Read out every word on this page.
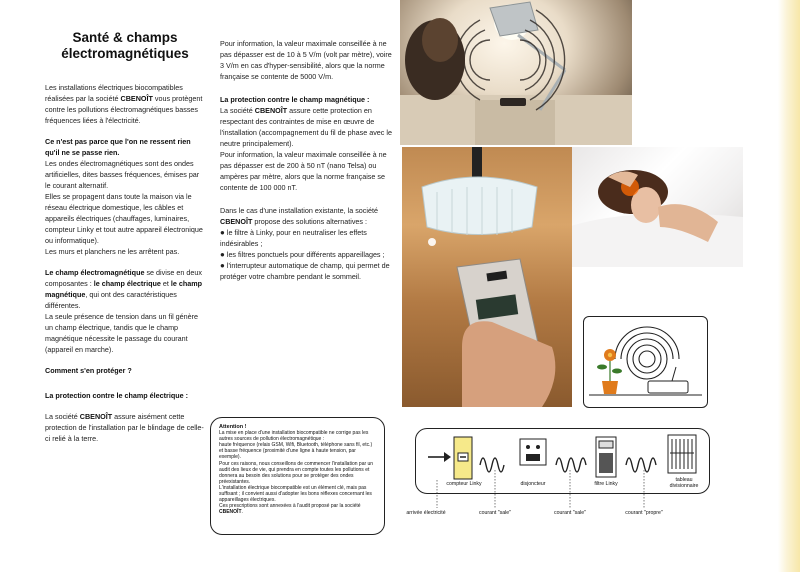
Santé & champs électromagnétiques

Les installations électriques biocompatibles réalisées par la société CBENOÎT vous protègent contre les pollutions électromagnétiques basses fréquences liées à l'électricité.

Ce n'est pas parce que l'on ne ressent rien qu'il ne se passe rien.
Les ondes électromagnétiques sont des ondes artificielles, dites basses fréquences, émises par le courant alternatif.
Elles se propagent dans toute la maison via le réseau électrique domestique, les câbles et appareils électriques (chauffages, luminaires, compteur Linky et tout autre appareil électronique ou informatique).
Les murs et planchers ne les arrêtent pas.

Le champ électromagnétique se divise en deux composantes : le champ électrique et le champ magnétique, qui ont des caractéristiques différentes.
La seule présence de tension dans un fil génère un champ électrique, tandis que le champ magnétique nécessite le passage du courant (appareil en marche).

Comment s'en protéger ?

La protection contre le champ électrique :

La société CBENOÎT assure aisément cette protection de l'installation par le blindage de celle-ci relié à la terre.

Pour information, la valeur maximale conseillée à ne pas dépasser est de 10 à 5 V/m (volt par mètre), voire 3 V/m en cas d'hyper-sensibilité, alors que la norme française se contente de 5000 V/m.

La protection contre le champ magnétique :
La société CBENOÎT assure cette protection en respectant des contraintes de mise en œuvre de l'installation (accompagnement du fil de phase avec le neutre principalement).
Pour information, la valeur maximale conseillée à ne pas dépasser est de 200 à 50 nT (nano Telsa) ou ampères par mètre, alors que la norme française se contente de 100 000 nT.

Dans le cas d'une installation existante, la société CBENOÎT propose des solutions alternatives :
● le filtre à Linky, pour en neutraliser les effets indésirables ;
● les filtres ponctuels pour différents appareillages ;
● l'interrupteur automatique de champ, qui permet de protéger votre chambre pendant le sommeil.

Attention !
La mise en place d'une installation biocompatible ne corrige pas les autres sources de pollution électromagnétique :
haute fréquence (relais GSM, Wifi, Bluetooth, téléphone sans fil, etc.) et basse fréquence (proximité d'une ligne à haute tension, par exemple).
Pour ces raisons, nous conseillons de commencer l'installation par un audit des lieux de vie, qui prendra en compte toutes les pollutions et donnera au besoin des solutions pour se protéger des ondes préexistantes.
L'installation électrique biocompatible est un élément clé, mais pas suffisant ; il convient aussi d'adopter les bons réflexes concernant les appareillages électriques.
Ces prescriptions sont annexées à l'audit proposé par la société CBENOÎT.
compteur Linky	disjoncteur	filtre Linky
tableau divisionnaire
arrivée électricité	courant "sale"	courant "sale"	courant "propre"
